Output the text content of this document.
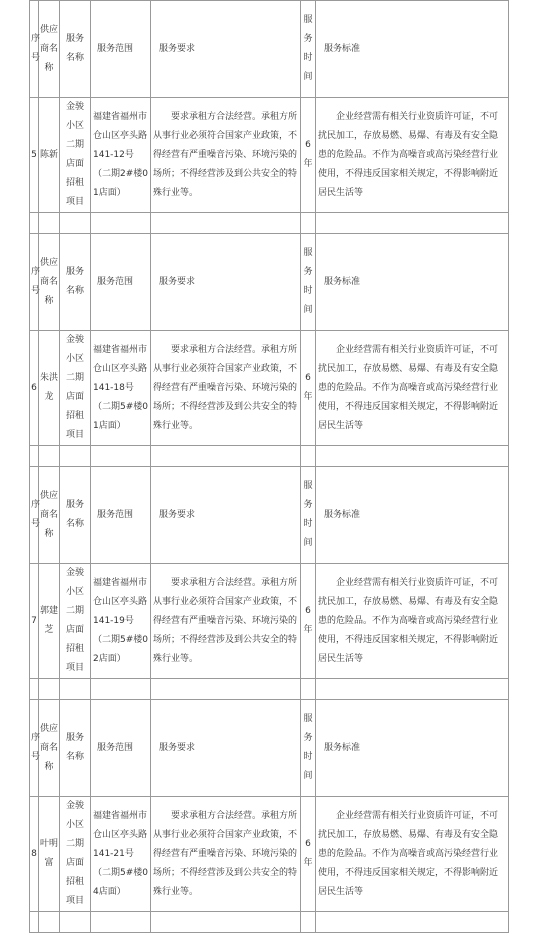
序号	供应商名称	服务名称	服务范围	服务要求	服务时间	服务标准
5	陈新	金骏小区二期店面招租项目	福建省福州市仓山区亭头路141-12号（二期2#楼01店面）	要求承租方合法经营。承租方所从事行业必须符合国家产业政策，不得经营有严重噪音污染、环境污染的场所；不得经营涉及到公共安全的特殊行业等。	6年	企业经营需有相关行业资质许可证，不可扰民加工，存放易燃、易爆、有毒及有安全隐患的危险品。不作为高噪音或高污染经营行业使用，不得违反国家相关规定，不得影响附近居民生活等

序号	供应商名称	服务名称	服务范围	服务要求	服务时间	服务标准
6	朱洪龙	金骏小区二期店面招租项目	福建省福州市仓山区亭头路141-18号（二期5#楼01店面）	要求承租方合法经营。承租方所从事行业必须符合国家产业政策，不得经营有严重噪音污染、环境污染的场所；不得经营涉及到公共安全的特殊行业等。	6年	企业经营需有相关行业资质许可证，不可扰民加工，存放易燃、易爆、有毒及有安全隐患的危险品。不作为高噪音或高污染经营行业使用，不得违反国家相关规定，不得影响附近居民生活等

序号	供应商名称	服务名称	服务范围	服务要求	服务时间	服务标准
7	郭建芝	金骏小区二期店面招租项目	福建省福州市仓山区亭头路141-19号（二期5#楼02店面）	要求承租方合法经营。承租方所从事行业必须符合国家产业政策，不得经营有严重噪音污染、环境污染的场所；不得经营涉及到公共安全的特殊行业等。	6年	企业经营需有相关行业资质许可证，不可扰民加工，存放易燃、易爆、有毒及有安全隐患的危险品。不作为高噪音或高污染经营行业使用，不得违反国家相关规定，不得影响附近居民生活等

序号	供应商名称	服务名称	服务范围	服务要求	服务时间	服务标准
8	叶明富	金骏小区二期店面招租项目	福建省福州市仓山区亭头路141-21号（二期5#楼04店面）	要求承租方合法经营。承租方所从事行业必须符合国家产业政策，不得经营有严重噪音污染、环境污染的场所；不得经营涉及到公共安全的特殊行业等。	6年	企业经营需有相关行业资质许可证，不可扰民加工，存放易燃、易爆、有毒及有安全隐患的危险品。不作为高噪音或高污染经营行业使用，不得违反国家相关规定，不得影响附近居民生活等
